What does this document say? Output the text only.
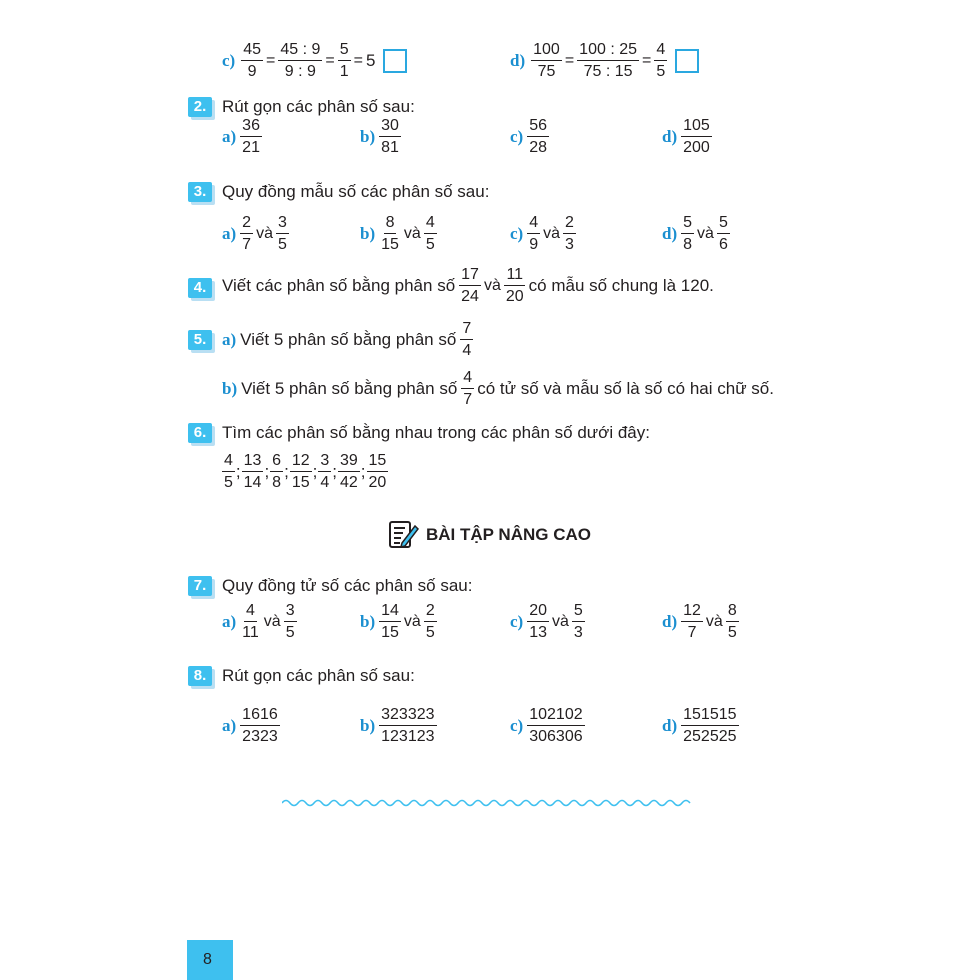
$c) \frac{45}{9} = \frac{45 : 9}{9 : 9} = \frac{5}{1} = 5$	$d) \frac{100}{75} = \frac{100 : 25}{75 : 15} = \frac{4}{5}$
2. Rút gọn các phân số sau:
$a) \frac{36}{21}$	$b) \frac{30}{81}$	$c) \frac{56}{28}$	$d) \frac{105}{200}$
3. Quy đồng mẫu số các phân số sau:
$a) \frac{2}{7}$ và $\frac{3}{5}$	$b) \frac{8}{15}$ và $\frac{4}{5}$	$c) \frac{4}{9}$ và $\frac{2}{3}$	$d) \frac{5}{8}$ và $\frac{5}{6}$
4. Viết các phân số bằng phân số $\frac{17}{24}$ và $\frac{11}{20}$ có mẫu số chung là 120.
5. a) Viết 5 phân số bằng phân số $\frac{7}{4}$
b) Viết 5 phân số bằng phân số $\frac{4}{7}$ có tử số và mẫu số là số có hai chữ số.
6. Tìm các phân số bằng nhau trong các phân số dưới đây:
$\frac{4}{5}$ ; $\frac{13}{14}$ ; $\frac{6}{8}$ ; $\frac{12}{15}$ ; $\frac{3}{4}$ ; $\frac{39}{42}$ ; $\frac{15}{20}$
BÀI TẬP NÂNG CAO
7. Quy đồng tử số các phân số sau:
$a) \frac{4}{11}$ và $\frac{3}{5}$	$b) \frac{14}{15}$ và $\frac{2}{5}$	$c) \frac{20}{13}$ và $\frac{5}{3}$	$d) \frac{12}{7}$ và $\frac{8}{5}$
8. Rút gọn các phân số sau:
$a) \frac{1616}{2323}$	$b) \frac{323323}{123123}$	$c) \frac{102102}{306306}$	$d) \frac{151515}{252525}$
8
